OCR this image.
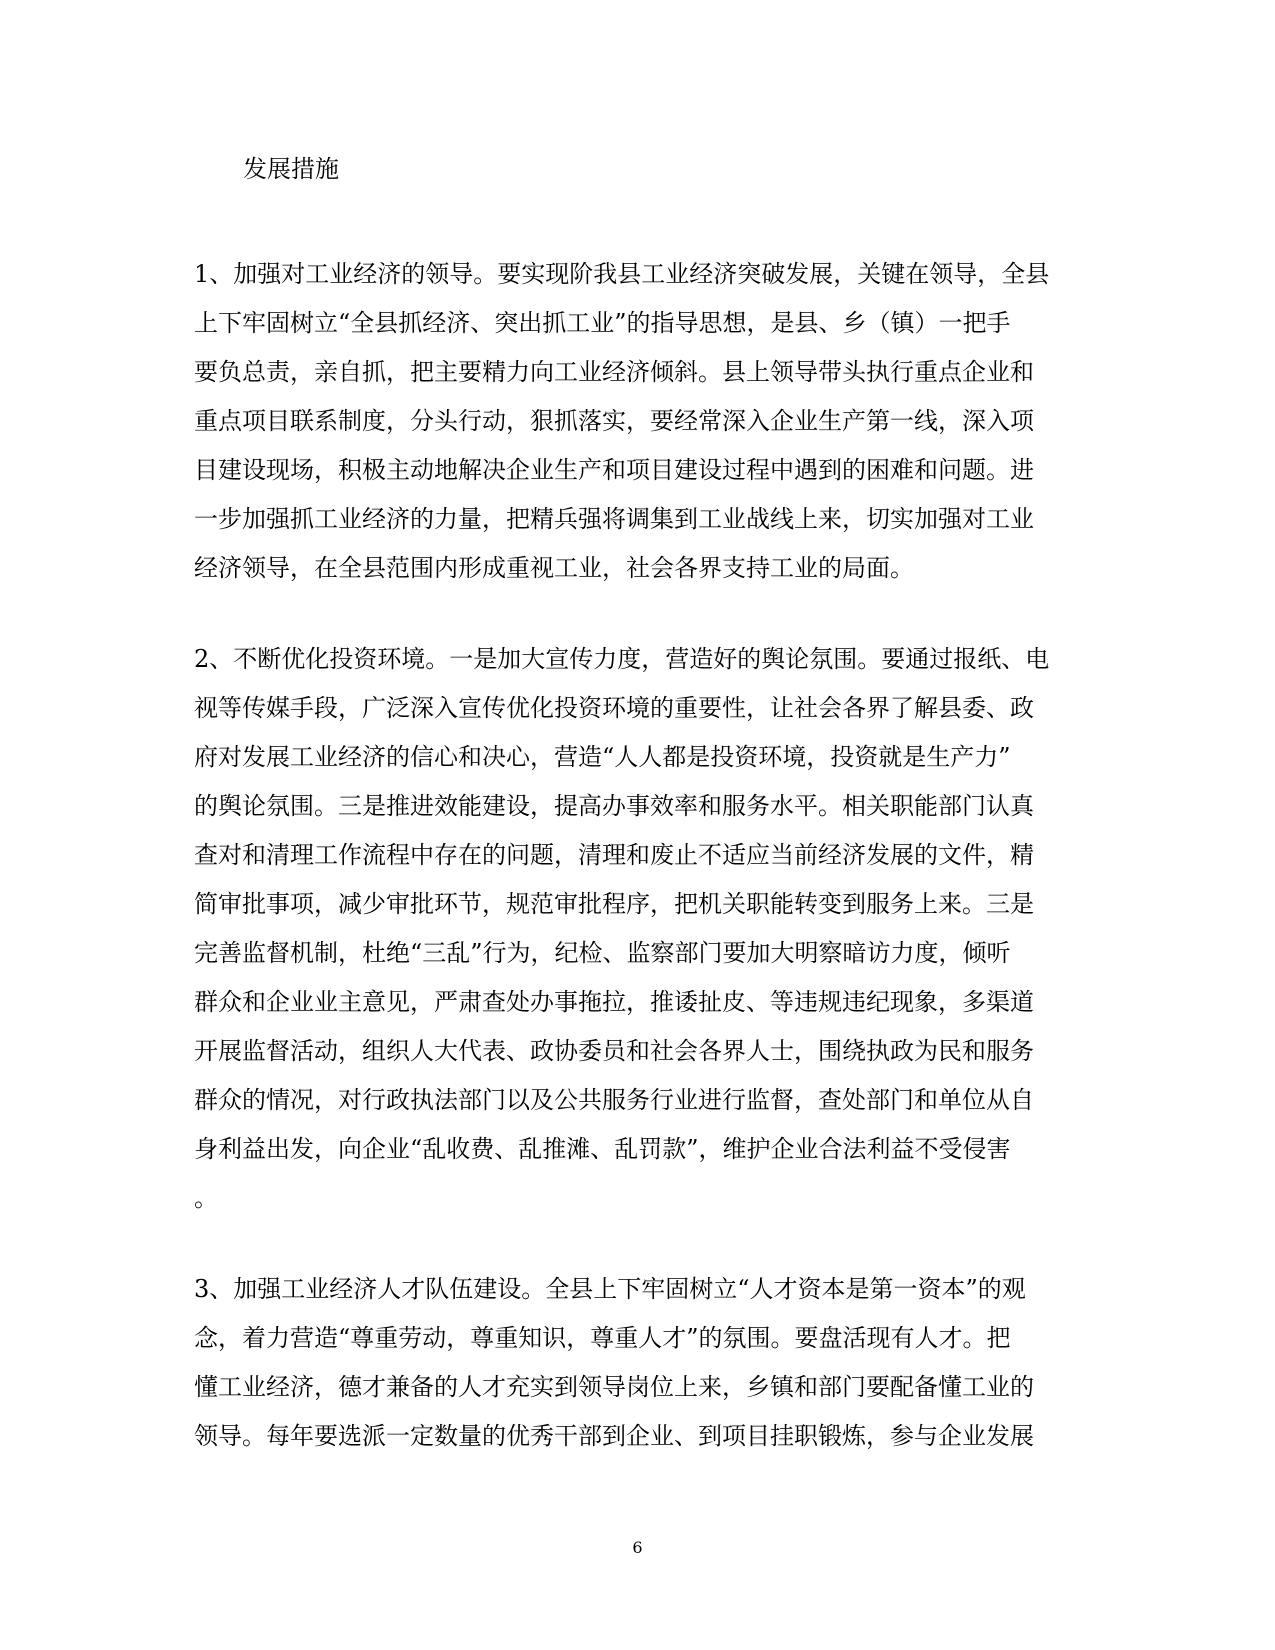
发展措施
1、加强对工业经济的领导。要实现阶我县工业经济突破发展，关键在领导，全县
上下牢固树立“全县抓经济、突出抓工业”的指导思想，是县、乡（镇）一把手
要负总责，亲自抓，把主要精力向工业经济倾斜。县上领导带头执行重点企业和
重点项目联系制度，分头行动，狠抓落实，要经常深入企业生产第一线，深入项
目建设现场，积极主动地解决企业生产和项目建设过程中遇到的困难和问题。进
一步加强抓工业经济的力量，把精兵强将调集到工业战线上来，切实加强对工业
经济领导，在全县范围内形成重视工业，社会各界支持工业的局面。
2、不断优化投资环境。一是加大宣传力度，营造好的舆论氛围。要通过报纸、电
视等传媒手段，广泛深入宣传优化投资环境的重要性，让社会各界了解县委、政
府对发展工业经济的信心和决心，营造“人人都是投资环境，投资就是生产力”
的舆论氛围。三是推进效能建设，提高办事效率和服务水平。相关职能部门认真
查对和清理工作流程中存在的问题，清理和废止不适应当前经济发展的文件，精
简审批事项，减少审批环节，规范审批程序，把机关职能转变到服务上来。三是
完善监督机制，杜绝“三乱”行为，纪检、监察部门要加大明察暗访力度，倾听
群众和企业业主意见，严肃查处办事拖拉，推诿扯皮、等违规违纪现象，多渠道
开展监督活动，组织人大代表、政协委员和社会各界人士，围绕执政为民和服务
群众的情况，对行政执法部门以及公共服务行业进行监督，查处部门和单位从自
身利益出发，向企业“乱收费、乱推滩、乱罚款”，维护企业合法利益不受侵害
。
3、加强工业经济人才队伍建设。全县上下牢固树立“人才资本是第一资本”的观
念，着力营造“尊重劳动，尊重知识，尊重人才”的氛围。要盘活现有人才。把
懂工业经济，德才兼备的人才充实到领导岗位上来，乡镇和部门要配备懂工业的
领导。每年要选派一定数量的优秀干部到企业、到项目挂职锻炼，参与企业发展
6
